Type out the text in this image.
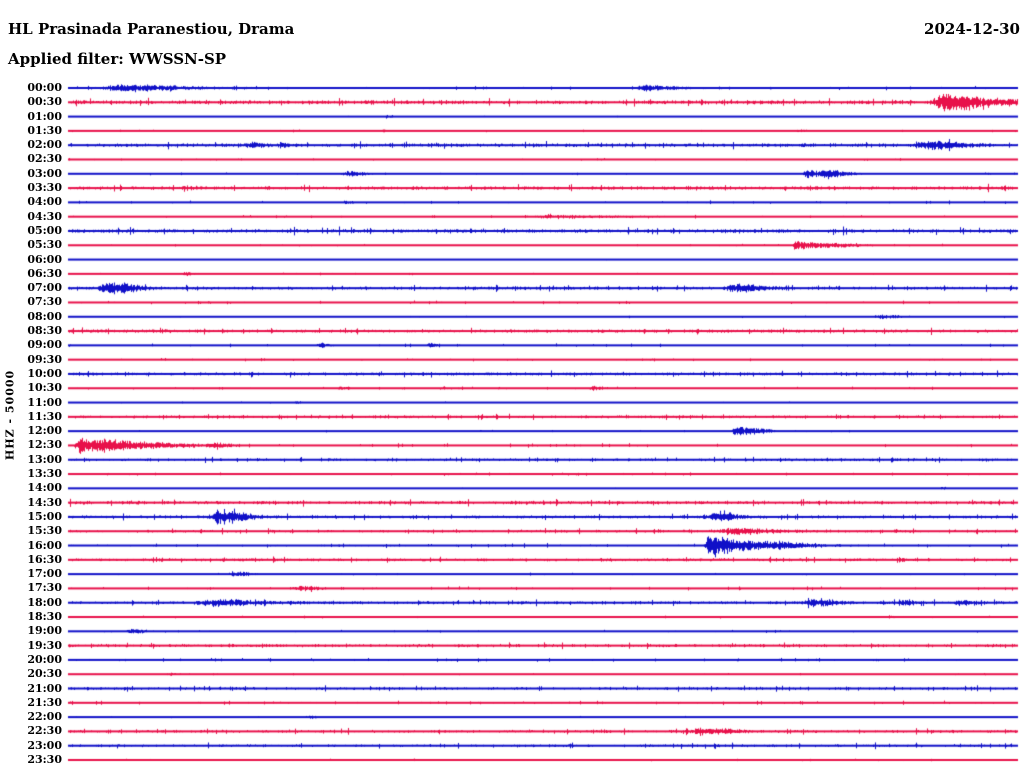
HL Prasinada Paranestiou, Drama	2024-12-30
Applied filter: WWSSN-SP
HHZ - 50000
00:00
00:30
01:00
01:30
02:00
02:30
03:00
03:30
04:00
04:30
05:00
05:30
06:00
06:30
07:00
07:30
08:00
08:30
09:00
09:30
10:00
10:30
11:00
11:30
12:00
12:30
13:00
13:30
14:00
14:30
15:00
15:30
16:00
16:30
17:00
17:30
18:00
18:30
19:00
19:30
20:00
20:30
21:00
21:30
22:00
22:30
23:00
23:30
